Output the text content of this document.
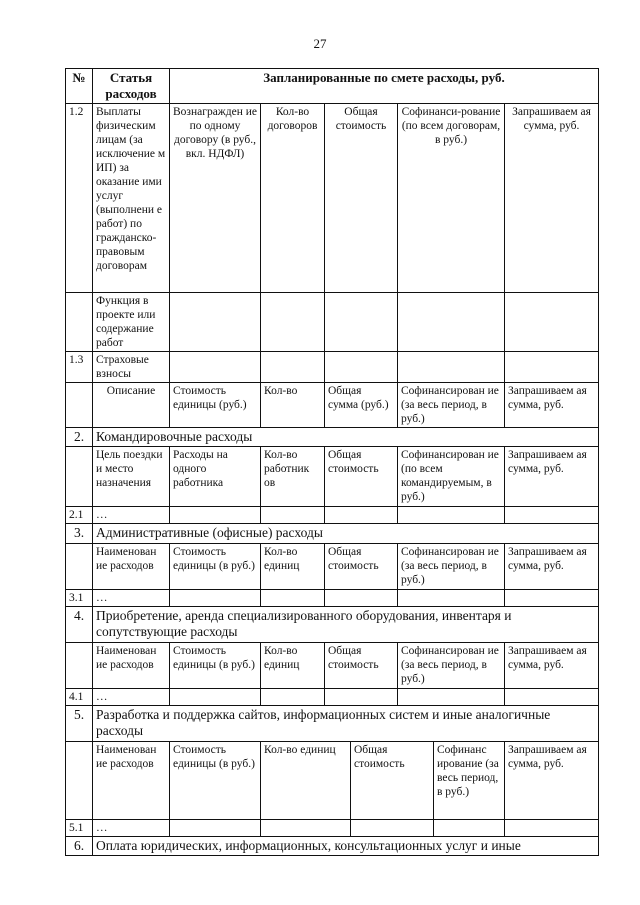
27
№	Статья расходов	Запланированные по смете расходы, руб.						
1.2	Выплаты физическим лицам (за исключение м ИП) за оказание ими услуг (выполнени е работ) по гражданско-правовым договорам	Вознагражден ие по одному договору (в руб., вкл. НДФЛ)	Кол-во договоров	Общая стоимость		Софинанси-рование (по всем договорам, в руб.)		Запрашиваем ая сумма, руб.
	Функция в проекте или содержание работ							
1.3	Страховые взносы							
	Описание	Стоимость единицы (руб.)	Кол-во	Общая сумма (руб.)		Софинансирован ие (за весь период, в руб.)		Запрашиваем ая сумма, руб.
2.	Командировочные расходы							
	Цель поездки и место назначения	Расходы на одного работника	Кол-во работник ов	Общая стоимость		Софинансирован ие (по всем командируемым, в руб.)		Запрашиваем ая сумма, руб.
2.1	…							
3.	Административные (офисные) расходы							
	Наименован ие расходов	Стоимость единицы (в руб.)	Кол-во единиц	Общая стоимость		Софинансирован ие (за весь период, в руб.)		Запрашиваем ая сумма, руб.
3.1	…							
4.	Приобретение, аренда специализированного оборудования, инвентаря и сопутствующие расходы							
	Наименован ие расходов	Стоимость единицы (в руб.)	Кол-во единиц	Общая стоимость		Софинансирован ие (за весь период, в руб.)		Запрашиваем ая сумма, руб.
4.1	…							
5.	Разработка и поддержка сайтов, информационных систем и иные аналогичные расходы							
	Наименован ие расходов	Стоимость единицы (в руб.)	Кол-во единиц		Общая стоимость		Софинанс ирование (за весь период, в руб.)	Запрашиваем ая сумма, руб.
5.1	…							
6.	Оплата юридических, информационных, консультационных услуг и иные							
